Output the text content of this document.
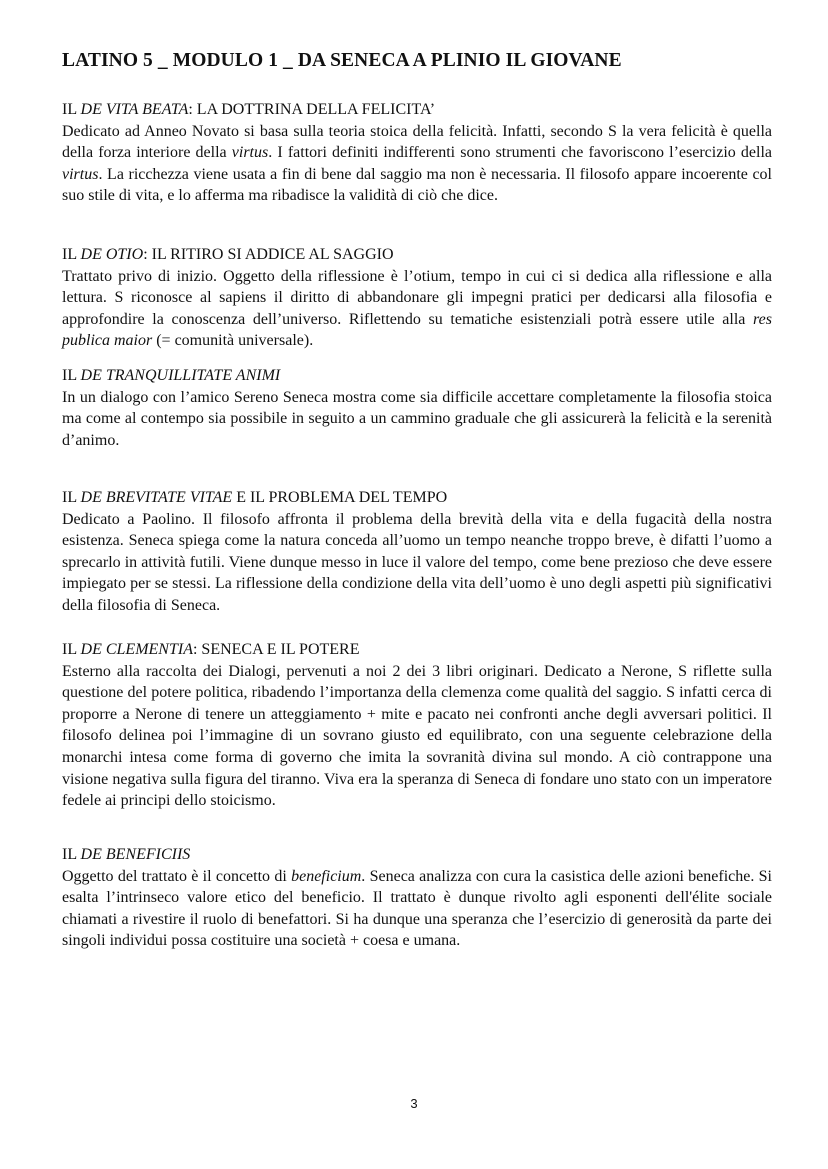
LATINO 5 _ MODULO 1 _ DA SENECA A PLINIO IL GIOVANE
IL DE VITA BEATA: LA DOTTRINA DELLA FELICITA’

Dedicato ad Anneo Novato si basa sulla teoria stoica della felicità. Infatti, secondo S la vera felicità è quella della forza interiore della virtus. I fattori definiti indifferenti sono strumenti che favoriscono l’esercizio della virtus. La ricchezza viene usata a fin di bene dal saggio ma non è necessaria. Il filosofo appare incoerente col suo stile di vita, e lo afferma ma ribadisce la validità di ciò che dice.

IL DE OTIO: IL RITIRO SI ADDICE AL SAGGIO

Trattato privo di inizio. Oggetto della riflessione è l’otium, tempo in cui ci si dedica alla riflessione e alla lettura. S riconosce al sapiens il diritto di abbandonare gli impegni pratici per dedicarsi alla filosofia e approfondire la conoscenza dell’universo. Riflettendo su tematiche esistenziali potrà essere utile alla res publica maior (= comunità universale).

IL DE TRANQUILLITATE ANIMI

In un dialogo con l’amico Sereno Seneca mostra come sia difficile accettare completamente la filosofia stoica ma come al contempo sia possibile in seguito a un cammino graduale che gli assicurerà la felicità e la serenità d’animo.

IL DE BREVITATE VITAE E IL PROBLEMA DEL TEMPO

Dedicato a Paolino. Il filosofo affronta il problema della brevità della vita e della fugacità della nostra esistenza. Seneca spiega come la natura conceda all’uomo un tempo neanche troppo breve, è difatti l’uomo a sprecarlo in attività futili. Viene dunque messo in luce il valore del tempo, come bene prezioso che deve essere impiegato per se stessi. La riflessione della condizione della vita dell’uomo è uno degli aspetti più significativi della filosofia di Seneca.

IL DE CLEMENTIA: SENECA E IL POTERE

Esterno alla raccolta dei Dialogi, pervenuti a noi 2 dei 3 libri originari. Dedicato a Nerone, S riflette sulla questione del potere politica, ribadendo l’importanza della clemenza come qualità del saggio. S infatti cerca di proporre a Nerone di tenere un atteggiamento + mite e pacato nei confronti anche degli avversari politici. Il filosofo delinea poi l’immagine di un sovrano giusto ed equilibrato, con una seguente celebrazione della monarchi intesa come forma di governo che imita la sovranità divina sul mondo. A ciò contrappone una visione negativa sulla figura del tiranno. Viva era la speranza di Seneca di fondare uno stato con un imperatore fedele ai principi dello stoicismo.

IL DE BENEFICIIS

Oggetto del trattato è il concetto di beneficium. Seneca analizza con cura la casistica delle azioni benefiche. Si esalta l’intrinseco valore etico del beneficio. Il trattato è dunque rivolto agli esponenti dell'élite sociale chiamati a rivestire il ruolo di benefattori. Si ha dunque una speranza che l’esercizio di generosità da parte dei singoli individui possa costituire una società + coesa e umana.

3
